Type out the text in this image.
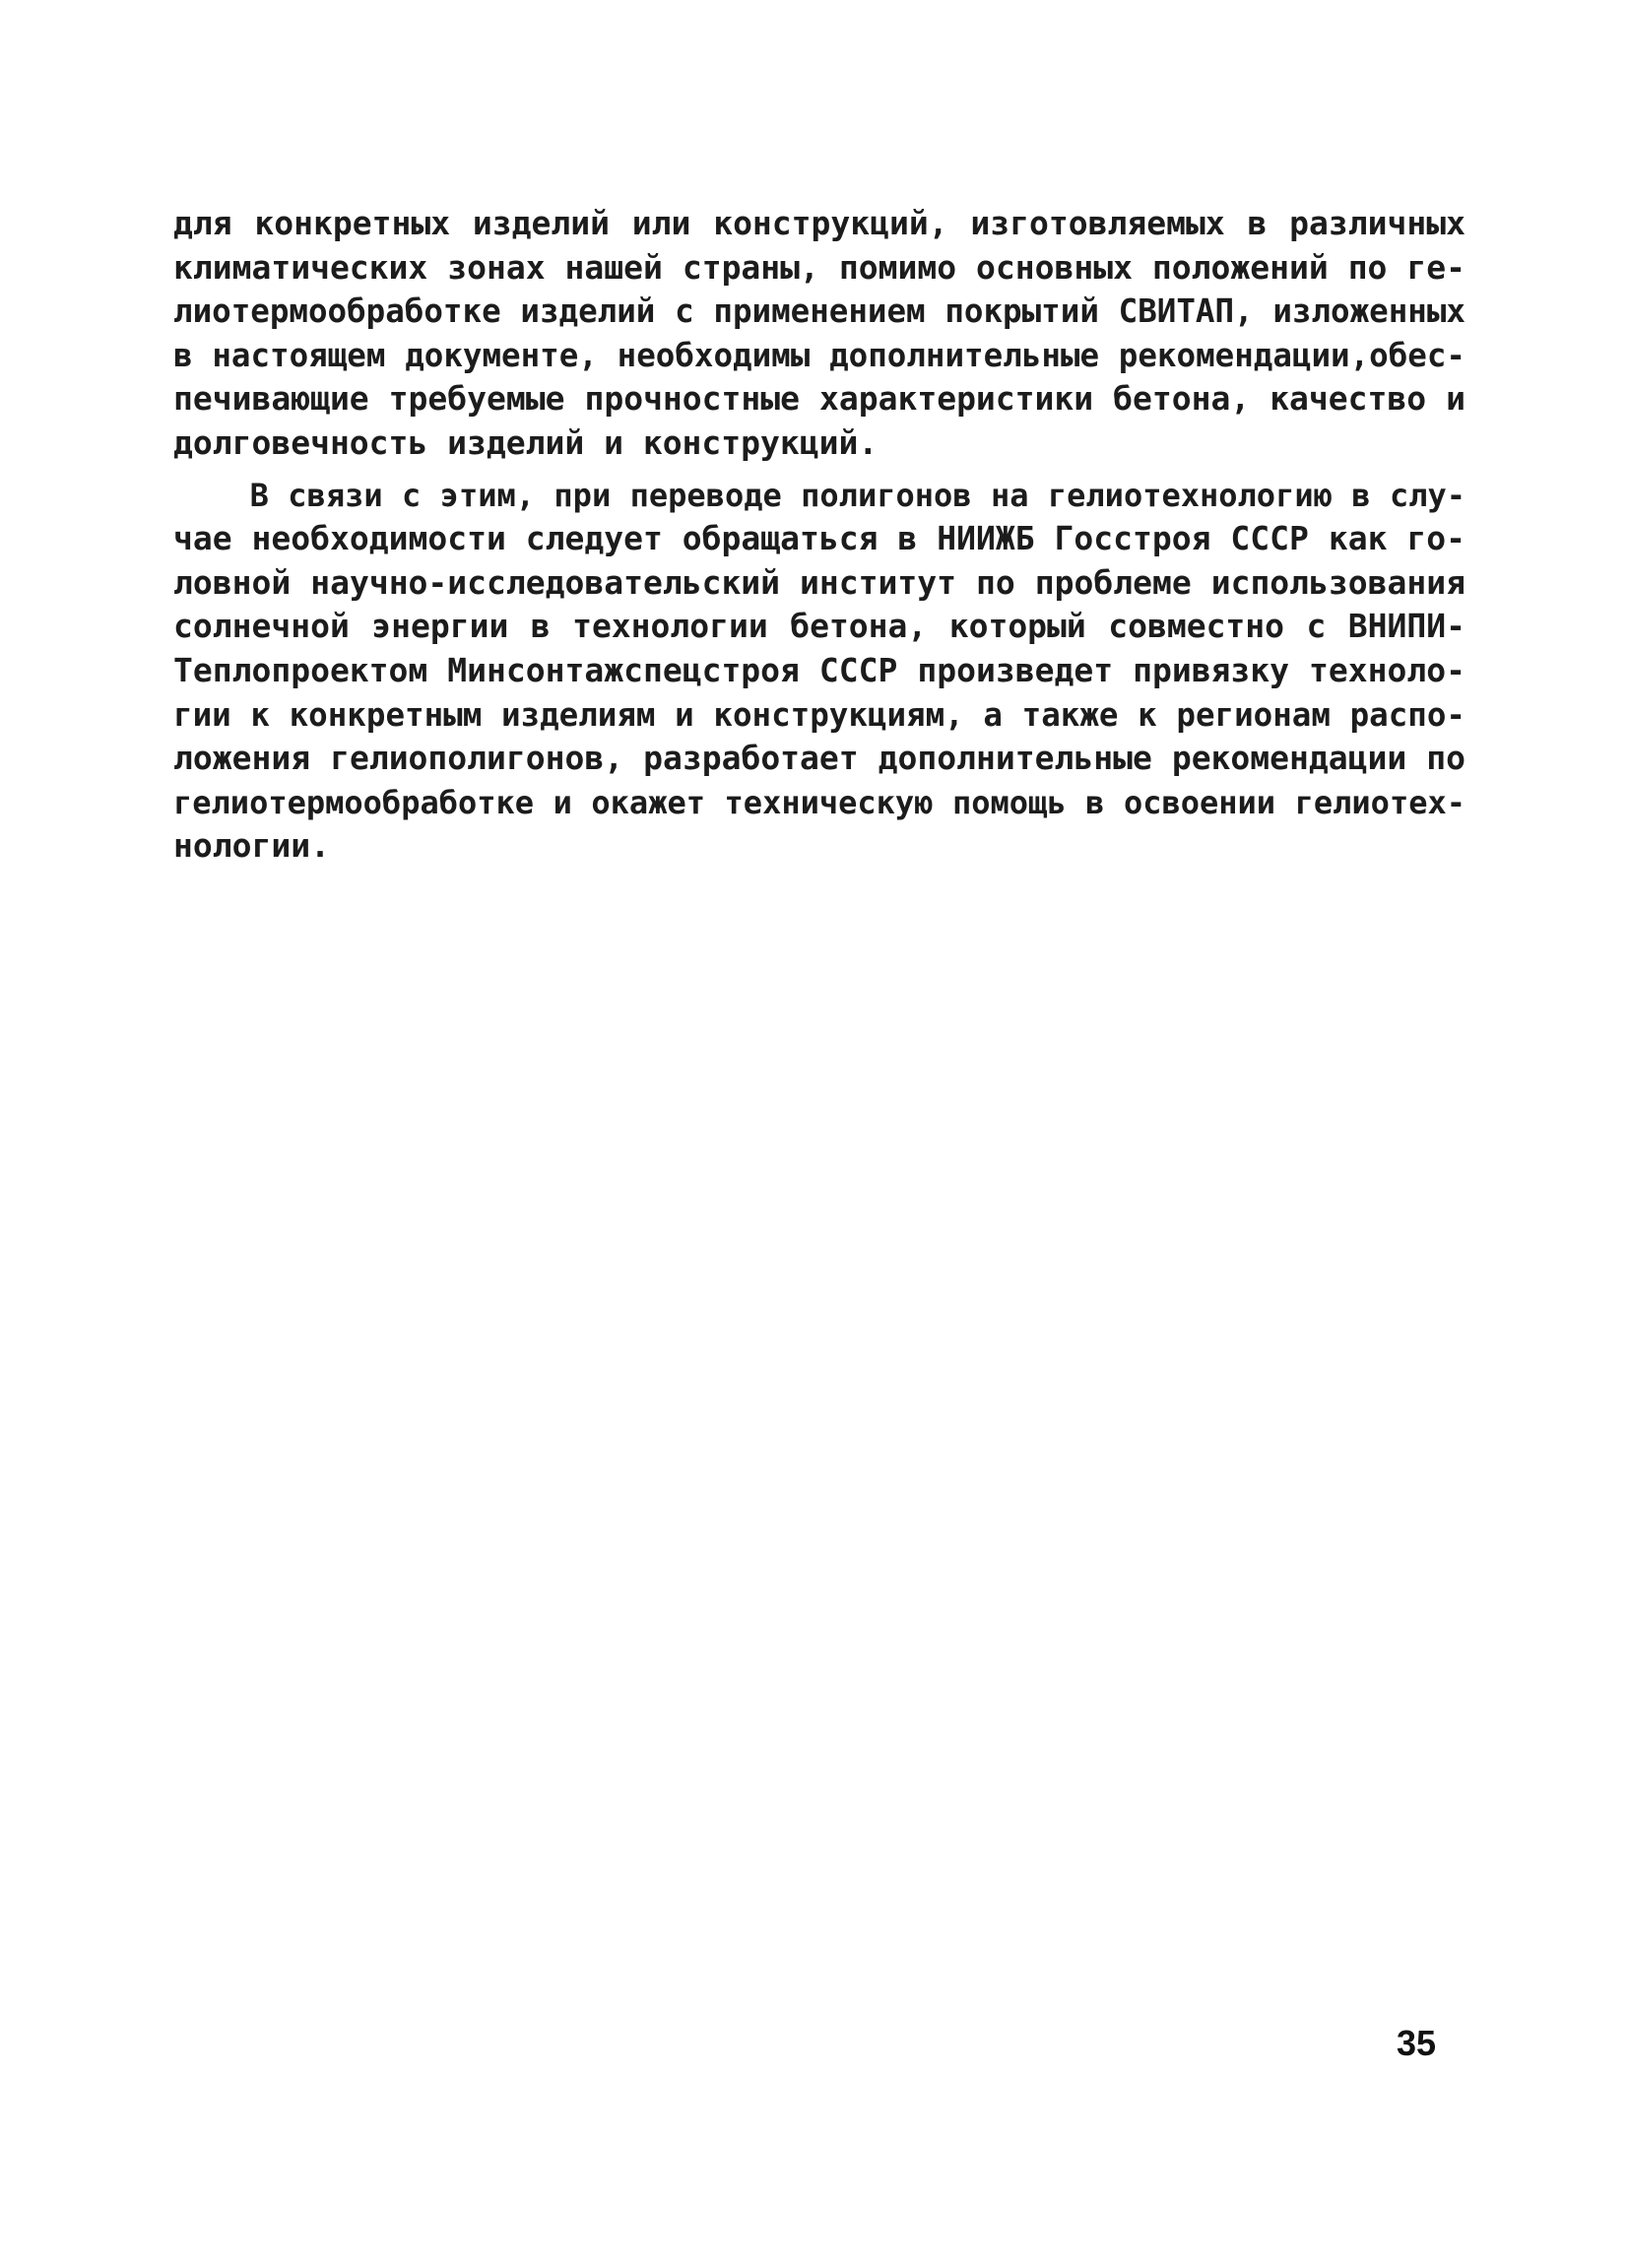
для конкретных изделий или конструкций, изготовляемых в различных
климатических зонах нашей страны, помимо основных положений по ге-
лиотермообработке изделий с применением покрытий СВИТАП, изложенных
в настоящем документе, необходимы дополнительные рекомендации,обес-
печивающие требуемые прочностные характеристики бетона, качество и
долговечность изделий и конструкций.
В связи с этим, при переводе полигонов на гелиотехнологию в слу-
чае необходимости следует обращаться в НИИЖБ Госстроя СССР как го-
ловной научно-исследовательский институт по проблеме использования
солнечной энергии в технологии бетона, который совместно с ВНИПИ-
Теплопроектом Минсонтажспецстроя СССР произведет привязку техноло-
гии к конкретным изделиям и конструкциям, а также к регионам распо-
ложения гелиополигонов, разработает дополнительные рекомендации по
гелиотермообработке и окажет техническую помощь в освоении гелиотех-
нологии.
35
